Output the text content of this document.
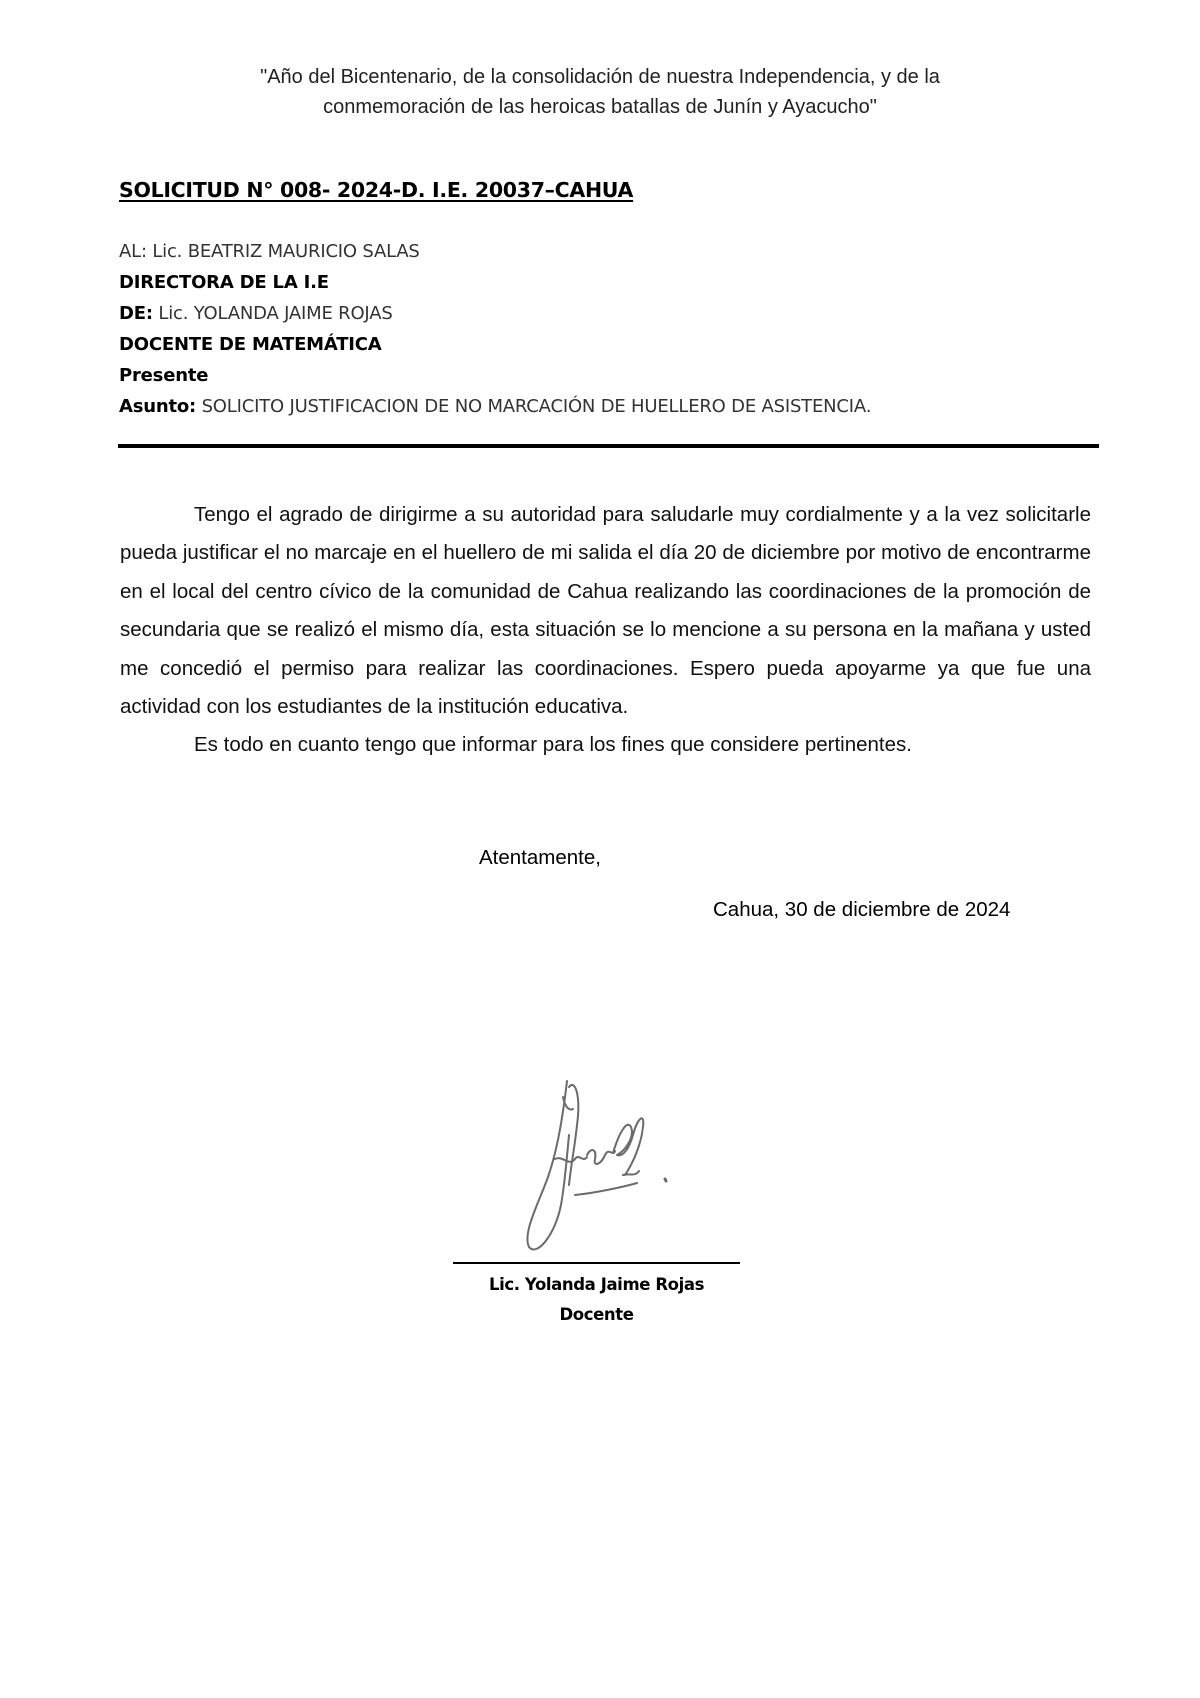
"Año del Bicentenario, de la consolidación de nuestra Independencia, y de la
conmemoración de las heroicas batallas de Junín y Ayacucho"
SOLICITUD N° 008- 2024-D. I.E. 20037–CAHUA
AL: Lic. BEATRIZ MAURICIO SALAS
DIRECTORA DE LA I.E
DE: Lic. YOLANDA JAIME ROJAS
DOCENTE DE MATEMÁTICA
Presente
Asunto: SOLICITO JUSTIFICACION DE NO MARCACIÓN DE HUELLERO DE ASISTENCIA.

Tengo el agrado de dirigirme a su autoridad para saludarle muy cordialmente y a la vez solicitarle pueda justificar el no marcaje en el huellero de mi salida el día 20 de diciembre por motivo de encontrarme en el local del centro cívico de la comunidad de Cahua realizando las coordinaciones de la promoción de secundaria que se realizó el mismo día, esta situación se lo mencione a su persona en la mañana y usted me concedió el permiso para realizar las coordinaciones. Espero pueda apoyarme ya que fue una actividad con los estudiantes de la institución educativa.

Es todo en cuanto tengo que informar para los fines que considere pertinentes.

Atentamente,
Cahua, 30 de diciembre de 2024
Lic. Yolanda Jaime Rojas
Docente
